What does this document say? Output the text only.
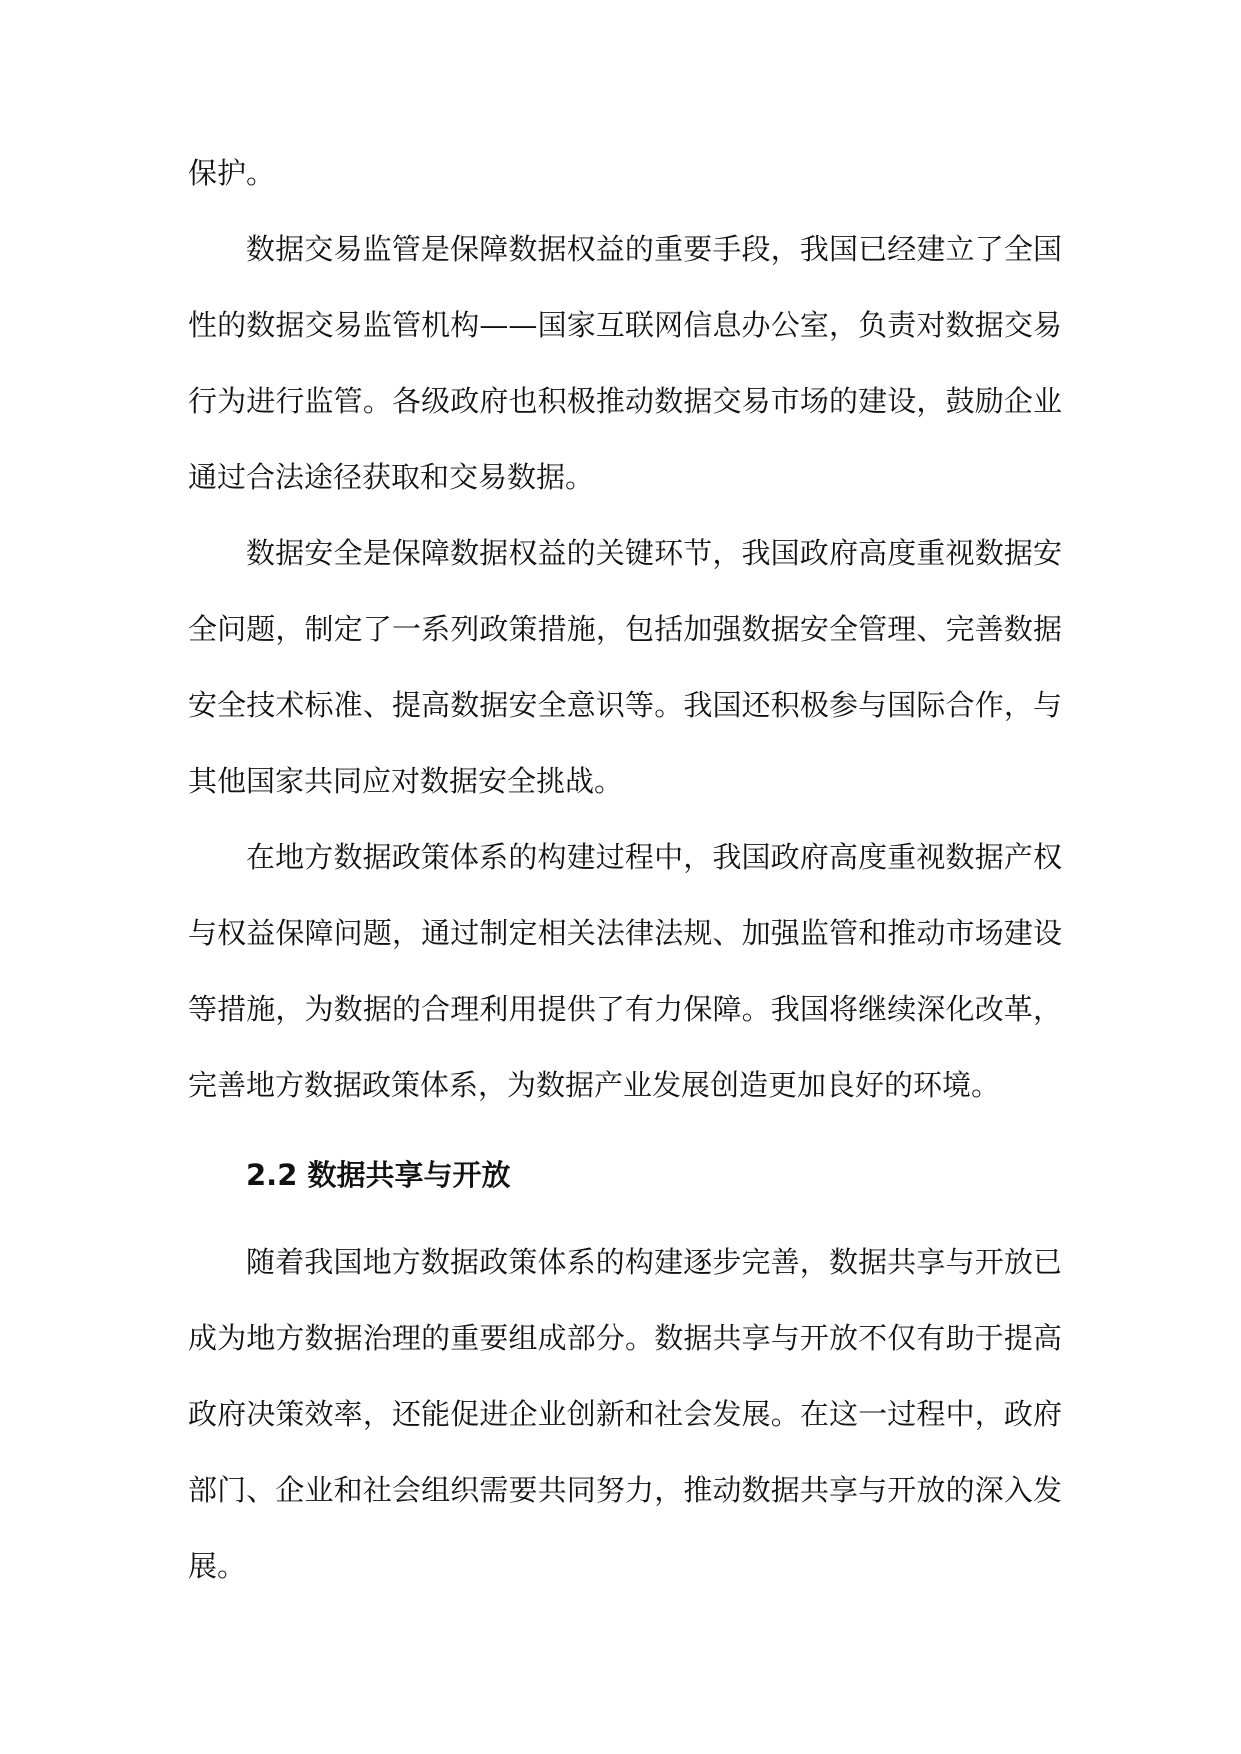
保护。

数据交易监管是保障数据权益的重要手段，我国已经建立了全国性的数据交易监管机构——国家互联网信息办公室，负责对数据交易行为进行监管。各级政府也积极推动数据交易市场的建设，鼓励企业通过合法途径获取和交易数据。

数据安全是保障数据权益的关键环节，我国政府高度重视数据安全问题，制定了一系列政策措施，包括加强数据安全管理、完善数据安全技术标准、提高数据安全意识等。我国还积极参与国际合作，与其他国家共同应对数据安全挑战。

在地方数据政策体系的构建过程中，我国政府高度重视数据产权与权益保障问题，通过制定相关法律法规、加强监管和推动市场建设等措施，为数据的合理利用提供了有力保障。我国将继续深化改革，完善地方数据政策体系，为数据产业发展创造更加良好的环境。

2.2 数据共享与开放

随着我国地方数据政策体系的构建逐步完善，数据共享与开放已成为地方数据治理的重要组成部分。数据共享与开放不仅有助于提高政府决策效率，还能促进企业创新和社会发展。在这一过程中，政府部门、企业和社会组织需要共同努力，推动数据共享与开放的深入发展。
